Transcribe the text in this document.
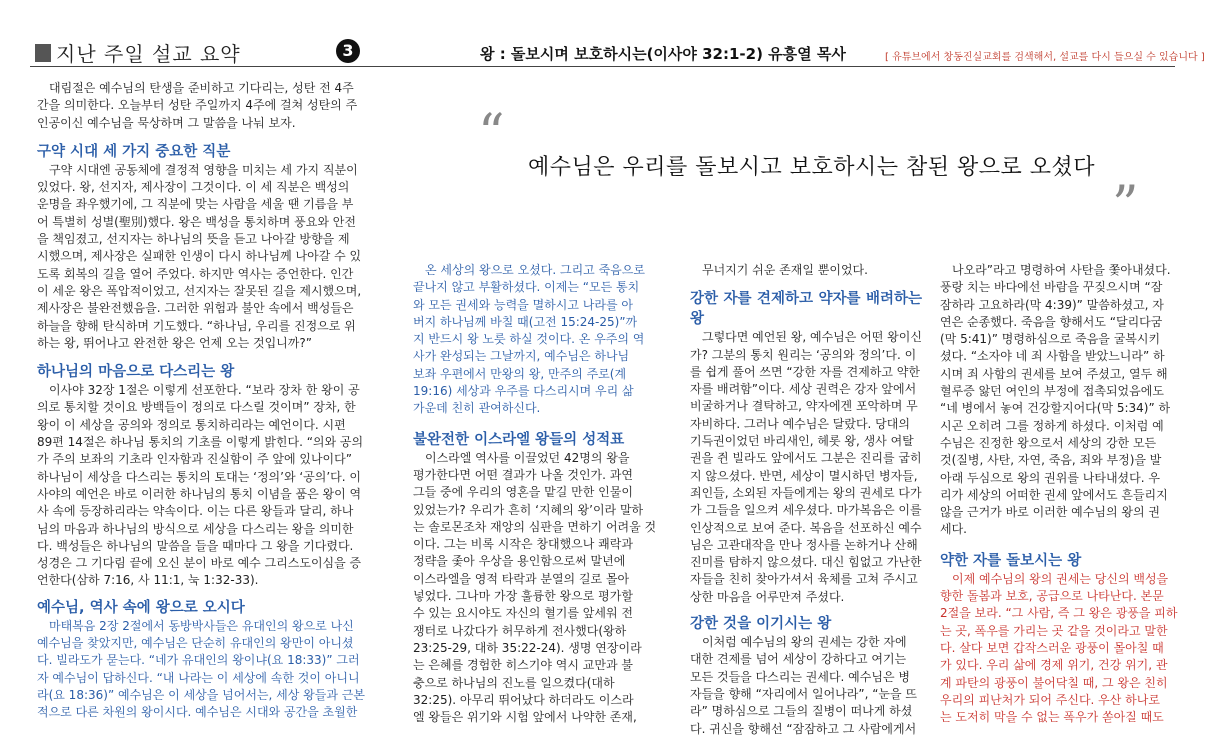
지난 주일 설교 요약	3	왕 : 돌보시며 보호하시는(이사야 32:1-2) 유흥열 목사	[ 유튜브에서 창동진실교회를 검색해서, 설교를 다시 들으실 수 있습니다 ]
“
예수님은 우리를 돌보시고 보호하시는 참된 왕으로 오셨다
”
대림절은 예수님의 탄생을 준비하고 기다리는, 성탄 전 4주
간을 의미한다. 오늘부터 성탄 주일까지 4주에 걸쳐 성탄의 주
인공이신 예수님을 묵상하며 그 말씀을 나눠 보자.
구약 시대 세 가지 중요한 직분
구약 시대엔 공동체에 결정적 영향을 미치는 세 가지 직분이
있었다. 왕, 선지자, 제사장이 그것이다. 이 세 직분은 백성의
운명을 좌우했기에, 그 직분에 맞는 사람을 세울 땐 기름을 부
어 특별히 성별(聖別)했다. 왕은 백성을 통치하며 풍요와 안전
을 책임졌고, 선지자는 하나님의 뜻을 듣고 나아갈 방향을 제
시했으며, 제사장은 실패한 인생이 다시 하나님께 나아갈 수 있
도록 회복의 길을 열어 주었다. 하지만 역사는 증언한다. 인간
이 세운 왕은 폭압적이었고, 선지자는 잘못된 길을 제시했으며,
제사장은 불완전했음을. 그러한 위험과 불안 속에서 백성들은
하늘을 향해 탄식하며 기도했다. “하나님, 우리를 진정으로 위
하는 왕, 뛰어나고 완전한 왕은 언제 오는 것입니까?”
하나님의 마음으로 다스리는 왕
이사야 32장 1절은 이렇게 선포한다. “보라 장차 한 왕이 공
의로 통치할 것이요 방백들이 정의로 다스릴 것이며” 장차, 한
왕이 이 세상을 공의와 정의로 통치하리라는 예언이다. 시편
89편 14절은 하나님 통치의 기초를 이렇게 밝힌다. “의와 공의
가 주의 보좌의 기초라 인자함과 진실함이 주 앞에 있나이다”
하나님이 세상을 다스리는 통치의 토대는 ‘정의’와 ‘공의’다. 이
사야의 예언은 바로 이러한 하나님의 통치 이념을 품은 왕이 역
사 속에 등장하리라는 약속이다. 이는 다른 왕들과 달리, 하나
님의 마음과 하나님의 방식으로 세상을 다스리는 왕을 의미한
다. 백성들은 하나님의 말씀을 들을 때마다 그 왕을 기다렸다.
성경은 그 기다림 끝에 오신 분이 바로 예수 그리스도이심을 증
언한다(삼하 7:16, 사 11:1, 눅 1:32-33).
예수님, 역사 속에 왕으로 오시다
마태복음 2장 2절에서 동방박사들은 유대인의 왕으로 나신
예수님을 찾았지만, 예수님은 단순히 유대인의 왕만이 아니셨
다. 빌라도가 묻는다. “네가 유대인의 왕이냐(요 18:33)” 그러
자 예수님이 답하신다. “내 나라는 이 세상에 속한 것이 아니니
라(요 18:36)” 예수님은 이 세상을 넘어서는, 세상 왕들과 근본
적으로 다른 차원의 왕이시다. 예수님은 시대와 공간을 초월한
온 세상의 왕으로 오셨다. 그리고 죽음으로
끝나지 않고 부활하셨다. 이제는 “모든 통치
와 모든 권세와 능력을 멸하시고 나라를 아
버지 하나님께 바칠 때(고전 15:24-25)”까
지 반드시 왕 노릇 하실 것이다. 온 우주의 역
사가 완성되는 그날까지, 예수님은 하나님
보좌 우편에서 만왕의 왕, 만주의 주로(계
19:16) 세상과 우주를 다스리시며 우리 삶
가운데 친히 관여하신다.
불완전한 이스라엘 왕들의 성적표
이스라엘 역사를 이끌었던 42명의 왕을
평가한다면 어떤 결과가 나올 것인가. 과연
그들 중에 우리의 영혼을 맡길 만한 인물이
있었는가? 우리가 흔히 ‘지혜의 왕’이라 말하
는 솔로몬조차 재앙의 심판을 면하기 어려울 것
이다. 그는 비록 시작은 창대했으나 쾌락과
정략을 좇아 우상을 용인함으로써 말년에
이스라엘을 영적 타락과 분열의 길로 몰아
넣었다. 그나마 가장 훌륭한 왕으로 평가할
수 있는 요시야도 자신의 혈기를 앞세워 전
쟁터로 나갔다가 허무하게 전사했다(왕하
23:25-29, 대하 35:22-24). 생명 연장이라
는 은혜를 경험한 히스기야 역시 교만과 불
충으로 하나님의 진노를 일으켰다(대하
32:25). 아무리 뛰어났다 하더라도 이스라
엘 왕들은 위기와 시험 앞에서 나약한 존재,
무너지기 쉬운 존재일 뿐이었다.
강한 자를 견제하고 약자를 배려하는 왕
그렇다면 예언된 왕, 예수님은 어떤 왕이신
가? 그분의 통치 원리는 ‘공의와 정의’다. 이
를 쉽게 풀어 쓰면 “강한 자를 견제하고 약한
자를 배려함”이다. 세상 권력은 강자 앞에서
비굴하거나 결탁하고, 약자에겐 포악하며 무
자비하다. 그러나 예수님은 달랐다. 당대의
기득권이었던 바리새인, 헤롯 왕, 생사 여탈
권을 쥔 빌라도 앞에서도 그분은 진리를 굽히
지 않으셨다. 반면, 세상이 멸시하던 병자들,
죄인들, 소외된 자들에게는 왕의 권세로 다가
가 그들을 일으켜 세우셨다. 마가복음은 이를
인상적으로 보여 준다. 복음을 선포하신 예수
님은 고관대작을 만나 정사를 논하거나 산해
진미를 탐하지 않으셨다. 대신 힘없고 가난한
자들을 친히 찾아가셔서 육체를 고쳐 주시고
상한 마음을 어루만져 주셨다.
강한 것을 이기시는 왕
이처럼 예수님의 왕의 권세는 강한 자에
대한 견제를 넘어 세상이 강하다고 여기는
모든 것들을 다스리는 권세다. 예수님은 병
자들을 향해 “자리에서 일어나라”, “눈을 뜨
라” 명하심으로 그들의 질병이 떠나게 하셨
다. 귀신을 향해선 “잠잠하고 그 사람에게서
나오라”라고 명령하여 사탄을 쫓아내셨다.
풍랑 치는 바다에선 바람을 꾸짖으시며 “잠
잠하라 고요하라(막 4:39)” 말씀하셨고, 자
연은 순종했다. 죽음을 향해서도 “달리다굼
(막 5:41)” 명령하심으로 죽음을 굴복시키
셨다. “소자야 네 죄 사함을 받았느니라” 하
시며 죄 사함의 권세를 보여 주셨고, 열두 해
혈루증 앓던 여인의 부정에 접촉되었음에도
“네 병에서 놓여 건강할지어다(막 5:34)” 하
시곤 오히려 그를 정하게 하셨다. 이처럼 예
수님은 진정한 왕으로서 세상의 강한 모든
것(질병, 사탄, 자연, 죽음, 죄와 부정)을 발
아래 두심으로 왕의 권위를 나타내셨다. 우
리가 세상의 어떠한 권세 앞에서도 흔들리지
않을 근거가 바로 이러한 예수님의 왕의 권
세다.
약한 자를 돌보시는 왕
이제 예수님의 왕의 권세는 당신의 백성을
향한 돌봄과 보호, 공급으로 나타난다. 본문
2절을 보라. “그 사람, 즉 그 왕은 광풍을 피하
는 곳, 폭우를 가리는 곳 같을 것이라고 말한
다. 살다 보면 갑작스러운 광풍이 몰아칠 때
가 있다. 우리 삶에 경제 위기, 건강 위기, 관
계 파탄의 광풍이 불어닥칠 때, 그 왕은 친히
우리의 피난처가 되어 주신다. 우산 하나로
는 도저히 막을 수 없는 폭우가 쏟아질 때도
